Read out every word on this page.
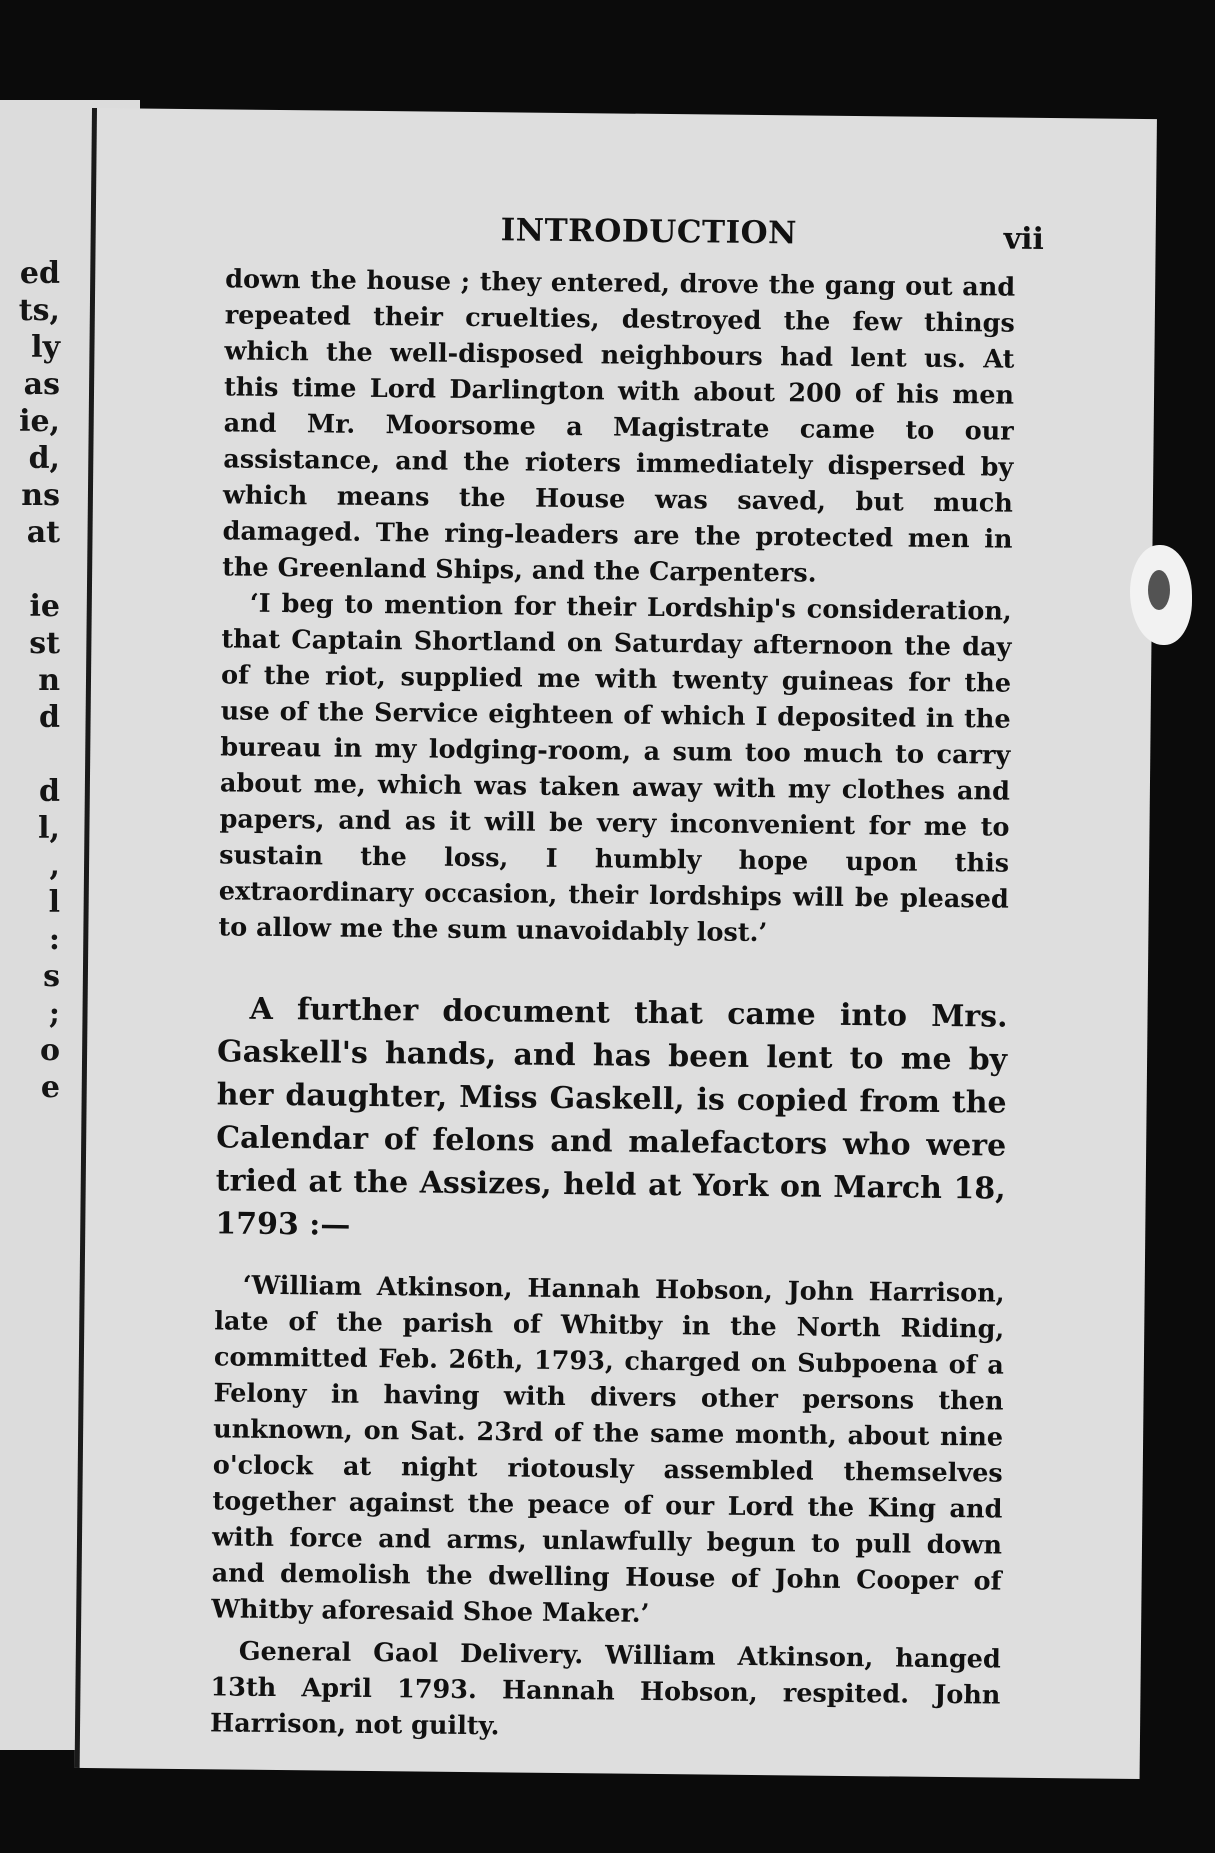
ed
ts,
ly
as
ie,
d,
ns
at
ie
st
n
d
d
l,
,
l
:
s
;
o
e
INTRODUCTION	vii

down the house ; they entered, drove the gang out and repeated their cruelties, destroyed the few things which the well-disposed neighbours had lent us. At this time Lord Darlington with about 200 of his men and Mr. Moorsome a Magistrate came to our assistance, and the rioters immediately dispersed by which means the House was saved, but much damaged. The ring-leaders are the protected men in the Greenland Ships, and the Carpenters.

‘I beg to mention for their Lordship's consideration, that Captain Shortland on Saturday afternoon the day of the riot, supplied me with twenty guineas for the use of the Service eighteen of which I deposited in the bureau in my lodging-room, a sum too much to carry about me, which was taken away with my clothes and papers, and as it will be very inconvenient for me to sustain the loss, I humbly hope upon this extraordinary occasion, their lordships will be pleased to allow me the sum unavoidably lost.’

A further document that came into Mrs. Gaskell's hands, and has been lent to me by her daughter, Miss Gaskell, is copied from the Calendar of felons and malefactors who were tried at the Assizes, held at York on March 18, 1793 :—

‘William Atkinson, Hannah Hobson, John Harrison, late of the parish of Whitby in the North Riding, committed Feb. 26th, 1793, charged on Subpoena of a Felony in having with divers other persons then unknown, on Sat. 23rd of the same month, about nine o'clock at night riotously assembled themselves together against the peace of our Lord the King and with force and arms, unlawfully begun to pull down and demolish the dwelling House of John Cooper of Whitby aforesaid Shoe Maker.’

General Gaol Delivery. William Atkinson, hanged 13th April 1793. Hannah Hobson, respited. John Harrison, not guilty.
